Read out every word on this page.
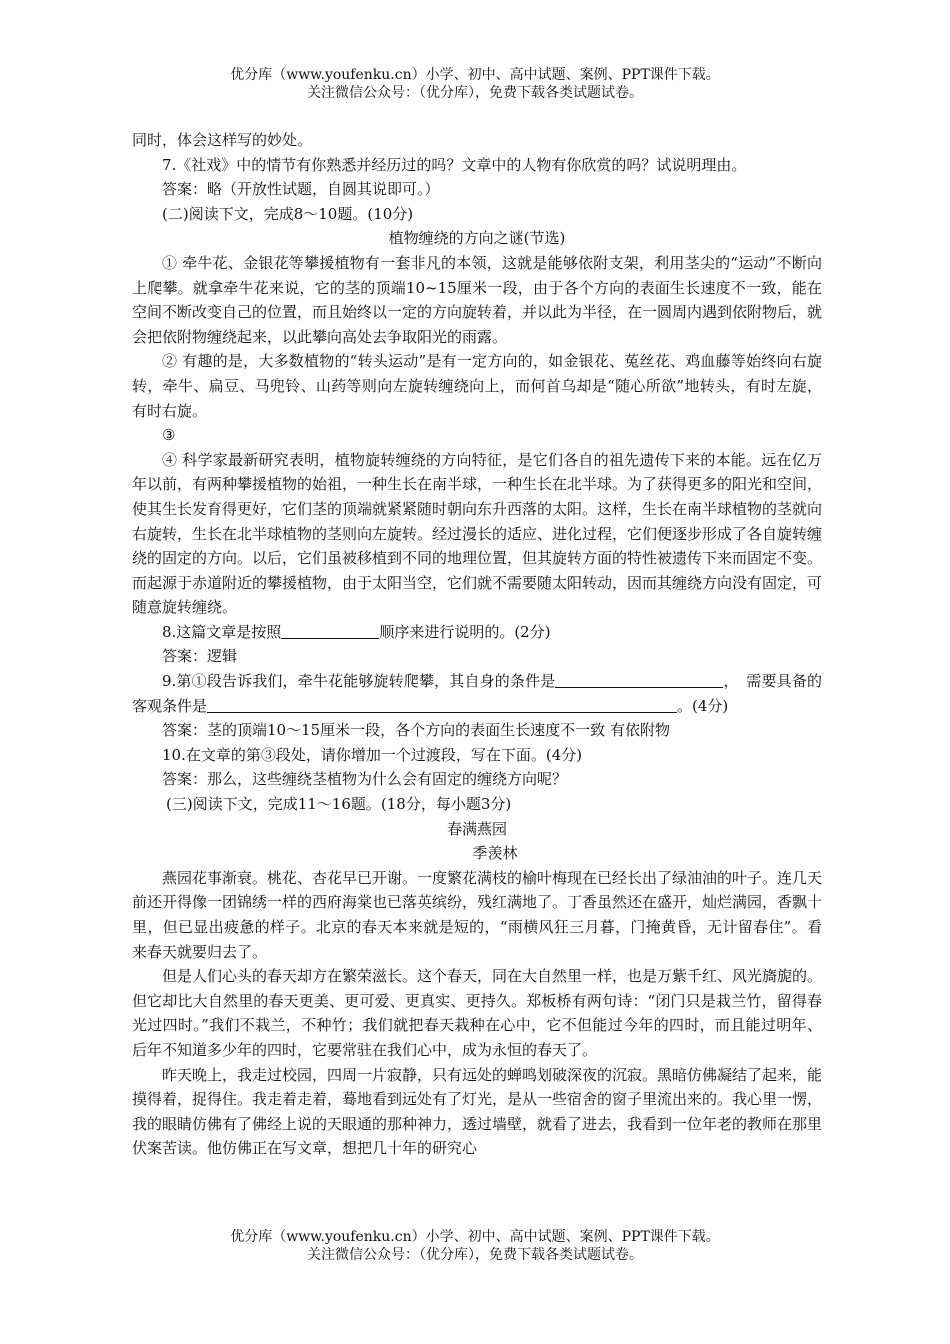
优分库（www.youfenku.cn）小学、初中、高中试题、案例、PPT课件下载。
关注微信公众号：（优分库），免费下载各类试题试卷。

同时，体会这样写的妙处。

7.《社戏》中的情节有你熟悉并经历过的吗？文章中的人物有你欣赏的吗？试说明理由。

答案：略（开放性试题，自圆其说即可。）

(二)阅读下文，完成8～10题。(10分)

植物缠绕的方向之谜(节选)

① 牵牛花、金银花等攀援植物有一套非凡的本领，这就是能够依附支架，利用茎尖的“运动”不断向上爬攀。就拿牵牛花来说，它的茎的顶端10~15厘米一段，由于各个方向的表面生长速度不一致，能在空间不断改变自己的位置，而且始终以一定的方向旋转着，并以此为半径，在一圆周内遇到依附物后，就会把依附物缠绕起来，以此攀向高处去争取阳光的雨露。

② 有趣的是，大多数植物的“转头运动”是有一定方向的，如金银花、菟丝花、鸡血藤等始终向右旋转，牵牛、扁豆、马兜铃、山药等则向左旋转缠绕向上，而何首乌却是“随心所欲”地转头，有时左旋，有时右旋。

③

④ 科学家最新研究表明，植物旋转缠绕的方向特征，是它们各自的祖先遗传下来的本能。远在亿万年以前，有两种攀援植物的始祖，一种生长在南半球，一种生长在北半球。为了获得更多的阳光和空间，使其生长发育得更好，它们茎的顶端就紧紧随时朝向东升西落的太阳。这样，生长在南半球植物的茎就向右旋转，生长在北半球植物的茎则向左旋转。经过漫长的适应、进化过程，它们便逐步形成了各自旋转缠绕的固定的方向。以后，它们虽被移植到不同的地理位置，但其旋转方面的特性被遗传下来而固定不变。而起源于赤道附近的攀援植物，由于太阳当空，它们就不需要随太阳转动，因而其缠绕方向没有固定，可随意旋转缠绕。

8.这篇文章是按照	顺序来进行说明的。(2分)

答案：逻辑

9.第①段告诉我们，牵牛花能够旋转爬攀，其自身的条件是	，　需要具备的客观条件是	。(4分)

答案：茎的顶端10～15厘米一段，各个方向的表面生长速度不一致 有依附物

10.在文章的第③段处，请你增加一个过渡段，写在下面。(4分)

答案：那么，这些缠绕茎植物为什么会有固定的缠绕方向呢？

(三)阅读下文，完成11～16题。(18分，每小题3分)

春满燕园

季羡林

燕园花事渐衰。桃花、杏花早已开谢。一度繁花满枝的榆叶梅现在已经长出了绿油油的叶子。连几天前还开得像一团锦绣一样的西府海棠也已落英缤纷，残红满地了。丁香虽然还在盛开，灿烂满园，香飘十里，但已显出疲惫的样子。北京的春天本来就是短的，“雨横风狂三月暮，门掩黄昏，无计留春住”。看来春天就要归去了。

但是人们心头的春天却方在繁荣滋长。这个春天，同在大自然里一样，也是万紫千红、风光旖旎的。但它却比大自然里的春天更美、更可爱、更真实、更持久。郑板桥有两句诗：“闭门只是栽兰竹，留得春光过四时。”我们不栽兰，不种竹；我们就把春天栽种在心中，它不但能过今年的四时，而且能过明年、后年不知道多少年的四时，它要常驻在我们心中，成为永恒的春天了。

昨天晚上，我走过校园，四周一片寂静，只有远处的蝉鸣划破深夜的沉寂。黑暗仿佛凝结了起来，能摸得着，捉得住。我走着走着，蓦地看到远处有了灯光，是从一些宿舍的窗子里流出来的。我心里一愣，我的眼睛仿佛有了佛经上说的天眼通的那种神力，透过墙壁，就看了进去，我看到一位年老的教师在那里伏案苦读。他仿佛正在写文章，想把几十年的研究心

优分库（www.youfenku.cn）小学、初中、高中试题、案例、PPT课件下载。
关注微信公众号：（优分库），免费下载各类试题试卷。
